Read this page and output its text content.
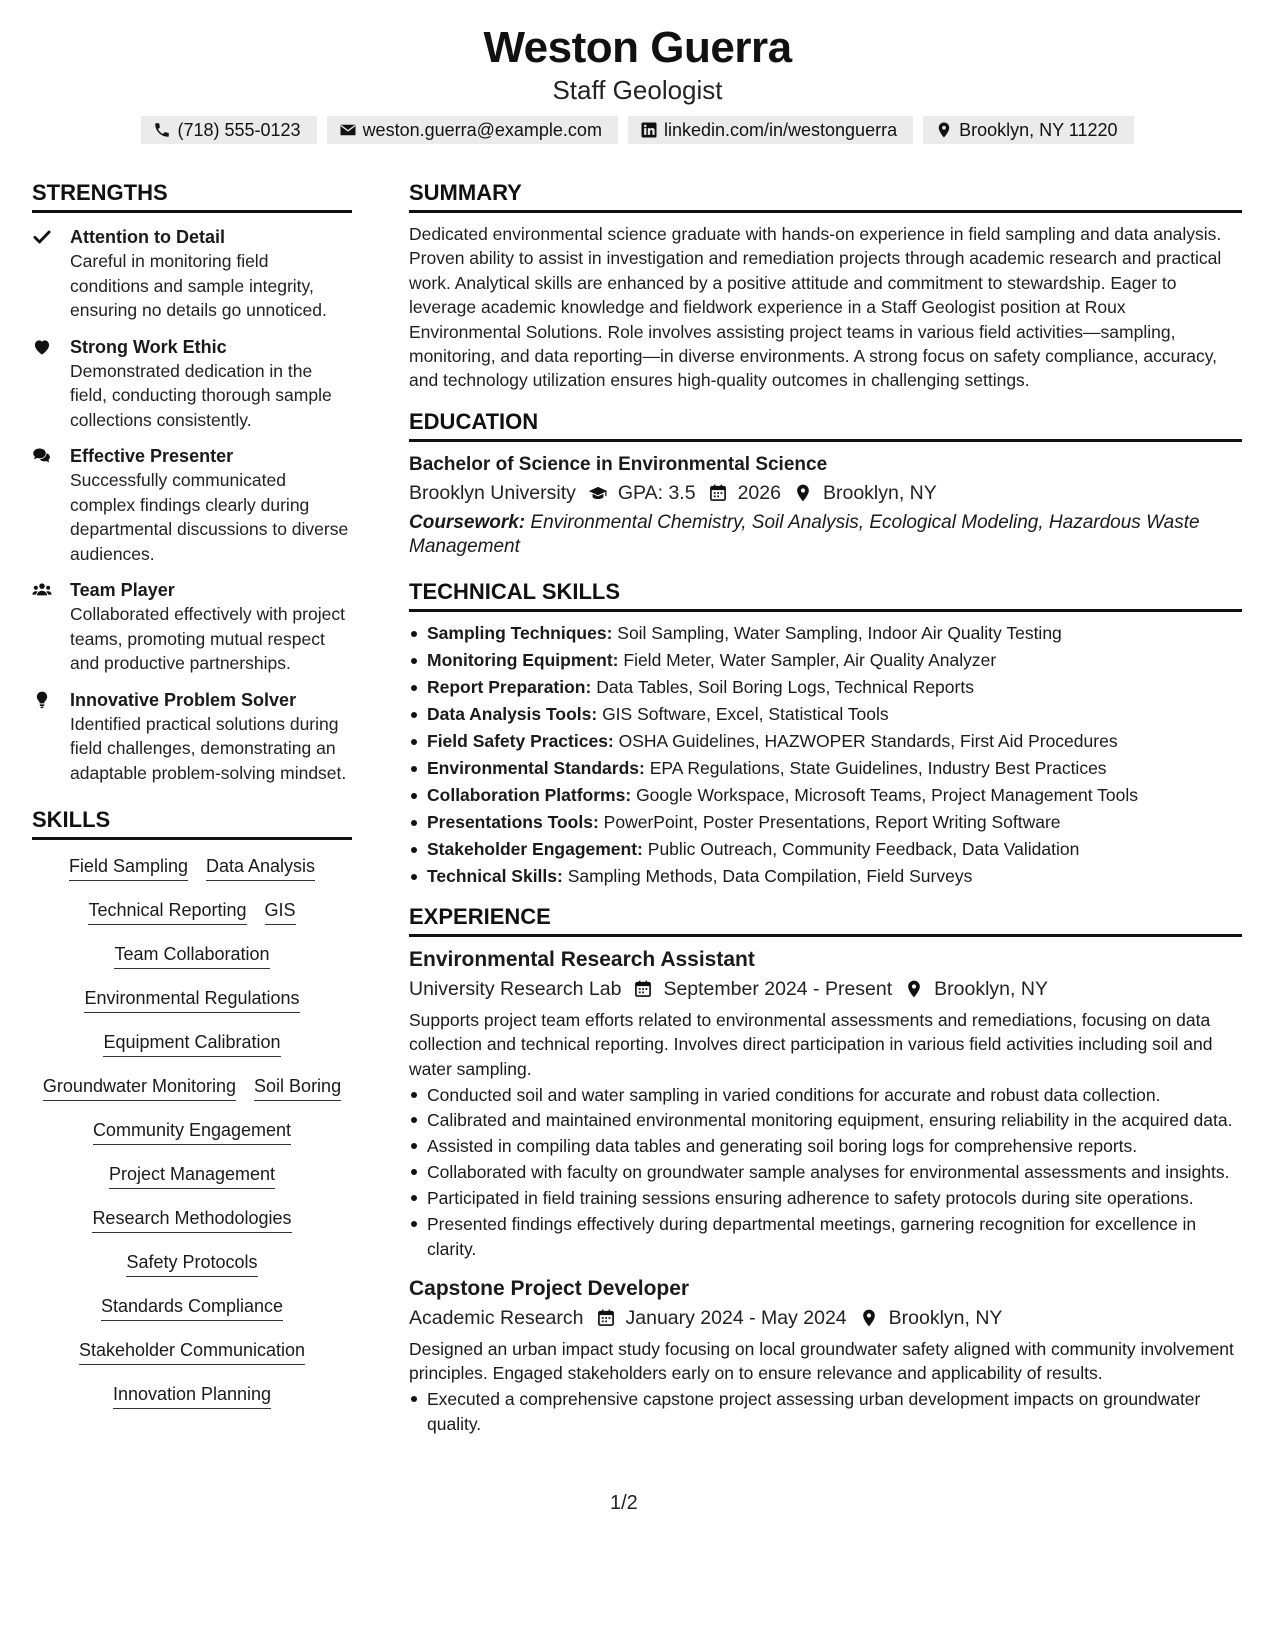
Weston Guerra
Staff Geologist
(718) 555-0123	weston.guerra@example.com	linkedin.com/in/westonguerra	Brooklyn, NY 11220
STRENGTHS
Attention to Detail
Careful in monitoring field conditions and sample integrity, ensuring no details go unnoticed.
Strong Work Ethic
Demonstrated dedication in the field, conducting thorough sample collections consistently.
Effective Presenter
Successfully communicated complex findings clearly during departmental discussions to diverse audiences.
Team Player
Collaborated effectively with project teams, promoting mutual respect and productive partnerships.
Innovative Problem Solver
Identified practical solutions during field challenges, demonstrating an adaptable problem-solving mindset.
SKILLS
Field Sampling Data Analysis
Technical Reporting GIS
Team Collaboration
Environmental Regulations
Equipment Calibration
Groundwater Monitoring Soil Boring
Community Engagement
Project Management
Research Methodologies
Safety Protocols
Standards Compliance
Stakeholder Communication
Innovation Planning
SUMMARY
Dedicated environmental science graduate with hands-on experience in field sampling and data analysis. Proven ability to assist in investigation and remediation projects through academic research and practical work. Analytical skills are enhanced by a positive attitude and commitment to stewardship. Eager to leverage academic knowledge and fieldwork experience in a Staff Geologist position at Roux Environmental Solutions. Role involves assisting project teams in various field activities—sampling, monitoring, and data reporting—in diverse environments. A strong focus on safety compliance, accuracy, and technology utilization ensures high-quality outcomes in challenging settings.
EDUCATION
Bachelor of Science in Environmental Science
Brooklyn University GPA: 3.5 2026 Brooklyn, NY
Coursework: Environmental Chemistry, Soil Analysis, Ecological Modeling, Hazardous Waste Management
TECHNICAL SKILLS
Sampling Techniques: Soil Sampling, Water Sampling, Indoor Air Quality Testing
Monitoring Equipment: Field Meter, Water Sampler, Air Quality Analyzer
Report Preparation: Data Tables, Soil Boring Logs, Technical Reports
Data Analysis Tools: GIS Software, Excel, Statistical Tools
Field Safety Practices: OSHA Guidelines, HAZWOPER Standards, First Aid Procedures
Environmental Standards: EPA Regulations, State Guidelines, Industry Best Practices
Collaboration Platforms: Google Workspace, Microsoft Teams, Project Management Tools
Presentations Tools: PowerPoint, Poster Presentations, Report Writing Software
Stakeholder Engagement: Public Outreach, Community Feedback, Data Validation
Technical Skills: Sampling Methods, Data Compilation, Field Surveys
EXPERIENCE
Environmental Research Assistant
University Research Lab September 2024 - Present Brooklyn, NY
Supports project team efforts related to environmental assessments and remediations, focusing on data collection and technical reporting. Involves direct participation in various field activities including soil and water sampling.
Conducted soil and water sampling in varied conditions for accurate and robust data collection.
Calibrated and maintained environmental monitoring equipment, ensuring reliability in the acquired data.
Assisted in compiling data tables and generating soil boring logs for comprehensive reports.
Collaborated with faculty on groundwater sample analyses for environmental assessments and insights.
Participated in field training sessions ensuring adherence to safety protocols during site operations.
Presented findings effectively during departmental meetings, garnering recognition for excellence in clarity.
Capstone Project Developer
Academic Research January 2024 - May 2024 Brooklyn, NY
Designed an urban impact study focusing on local groundwater safety aligned with community involvement principles. Engaged stakeholders early on to ensure relevance and applicability of results.
Executed a comprehensive capstone project assessing urban development impacts on groundwater quality.
1/2
